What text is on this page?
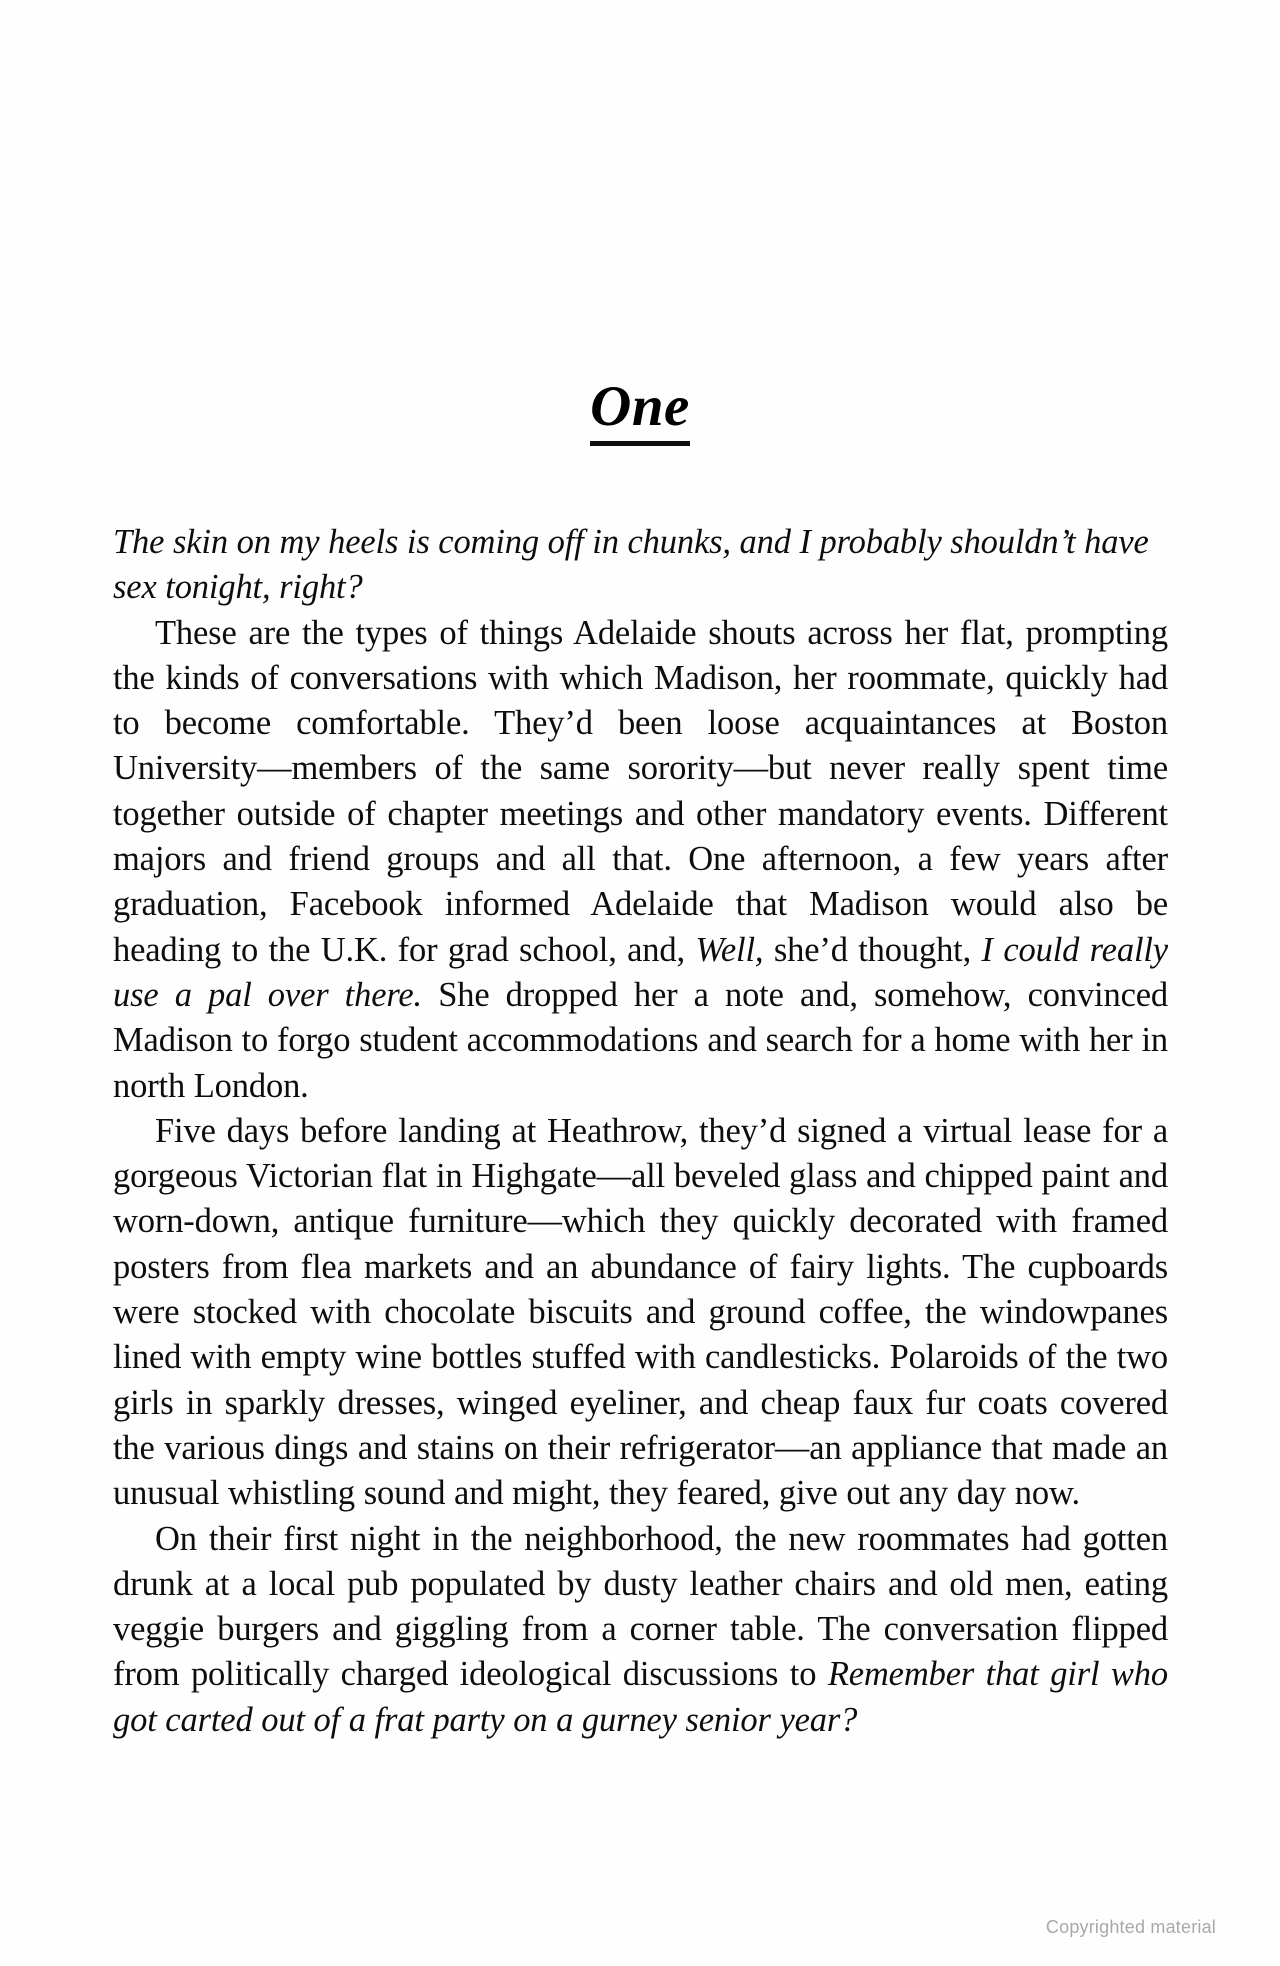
One

The skin on my heels is coming off in chunks, and I probably shouldn’t have sex tonight, right?

These are the types of things Adelaide shouts across her flat, prompting the kinds of conversations with which Madison, her roommate, quickly had to become comfortable. They’d been loose acquaintances at Boston University—members of the same sorority—but never really spent time together outside of chapter meetings and other mandatory events. Different majors and friend groups and all that. One afternoon, a few years after graduation, Facebook informed Adelaide that Madison would also be heading to the U.K. for grad school, and, Well, she’d thought, I could really use a pal over there. She dropped her a note and, somehow, convinced Madison to forgo student accommodations and search for a home with her in north London.

Five days before landing at Heathrow, they’d signed a virtual lease for a gorgeous Victorian flat in Highgate—all beveled glass and chipped paint and worn-down, antique furniture—which they quickly decorated with framed posters from flea markets and an abundance of fairy lights. The cupboards were stocked with chocolate biscuits and ground coffee, the windowpanes lined with empty wine bottles stuffed with candlesticks. Polaroids of the two girls in sparkly dresses, winged eyeliner, and cheap faux fur coats covered the various dings and stains on their refrigerator—an appliance that made an unusual whistling sound and might, they feared, give out any day now.

On their first night in the neighborhood, the new roommates had gotten drunk at a local pub populated by dusty leather chairs and old men, eating veggie burgers and giggling from a corner table. The conversation flipped from politically charged ideological discussions to Remember that girl who got carted out of a frat party on a gurney senior year?

Copyrighted material
